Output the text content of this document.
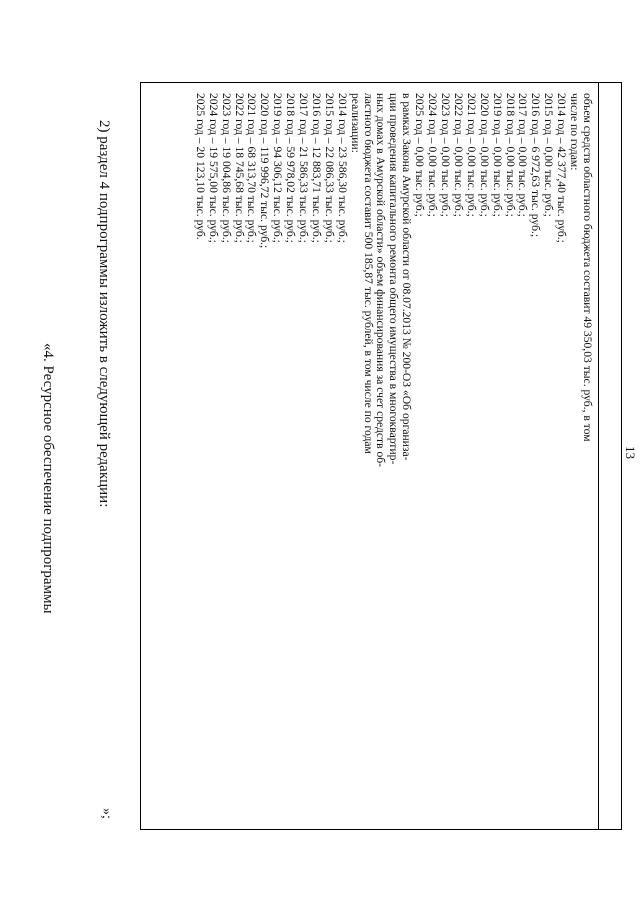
13
объем средств областного бюджета составит 49 350,03 тыс. руб., в том
числе по годам:
2014 год – 42 377,40 тыс. руб.;
2015 год – 0,00 тыс. руб.;
2016 год – 6 972,63 тыс. руб.;
2017 год – 0,00 тыс. руб.;
2018 год – 0,00 тыс. руб.;
2019 год – 0,00 тыс. руб.;
2020 год – 0,00 тыс. руб.;
2021 год – 0,00 тыс. руб.;
2022 год – 0,00 тыс. руб.;
2023 год – 0,00 тыс. руб.;
2024 год – 0,00 тыс. руб.;
2025 год – 0,00 тыс. руб.;
в рамках Закона Амурской области от 08.07.2013 № 200-ОЗ «Об организа-
ции проведения капитального ремонта общего имущества в многоквартир-
ных домах в Амурской области» объем финансирования за счет средств об-
ластного бюджета составит 500 185,87 тыс. рублей, в том числе по годам
реализации:
2014 год – 23 586,30 тыс. руб.;
2015 год – 22 086,33 тыс. руб.;
2016 год – 12 883,71 тыс. руб.;
2017 год – 21 586,33 тыс. руб.;
2018 год – 59 978,02 тыс. руб.;
2019 год – 94 306,12 тыс. руб.;
2020 год – 119 996,72 тыс. руб.;
2021 год – 68 313,70 тыс. руб.;
2022 год – 18 745,68 тыс. руб.;
2023 год – 19 004,86 тыс. руб.;
2024 год – 19 575,00 тыс. руб.;
2025 год – 20 123,10 тыс. руб.
»;
2) раздел 4 подпрограммы изложить в следующей редакции:
«4. Ресурсное обеспечение подпрограммы
